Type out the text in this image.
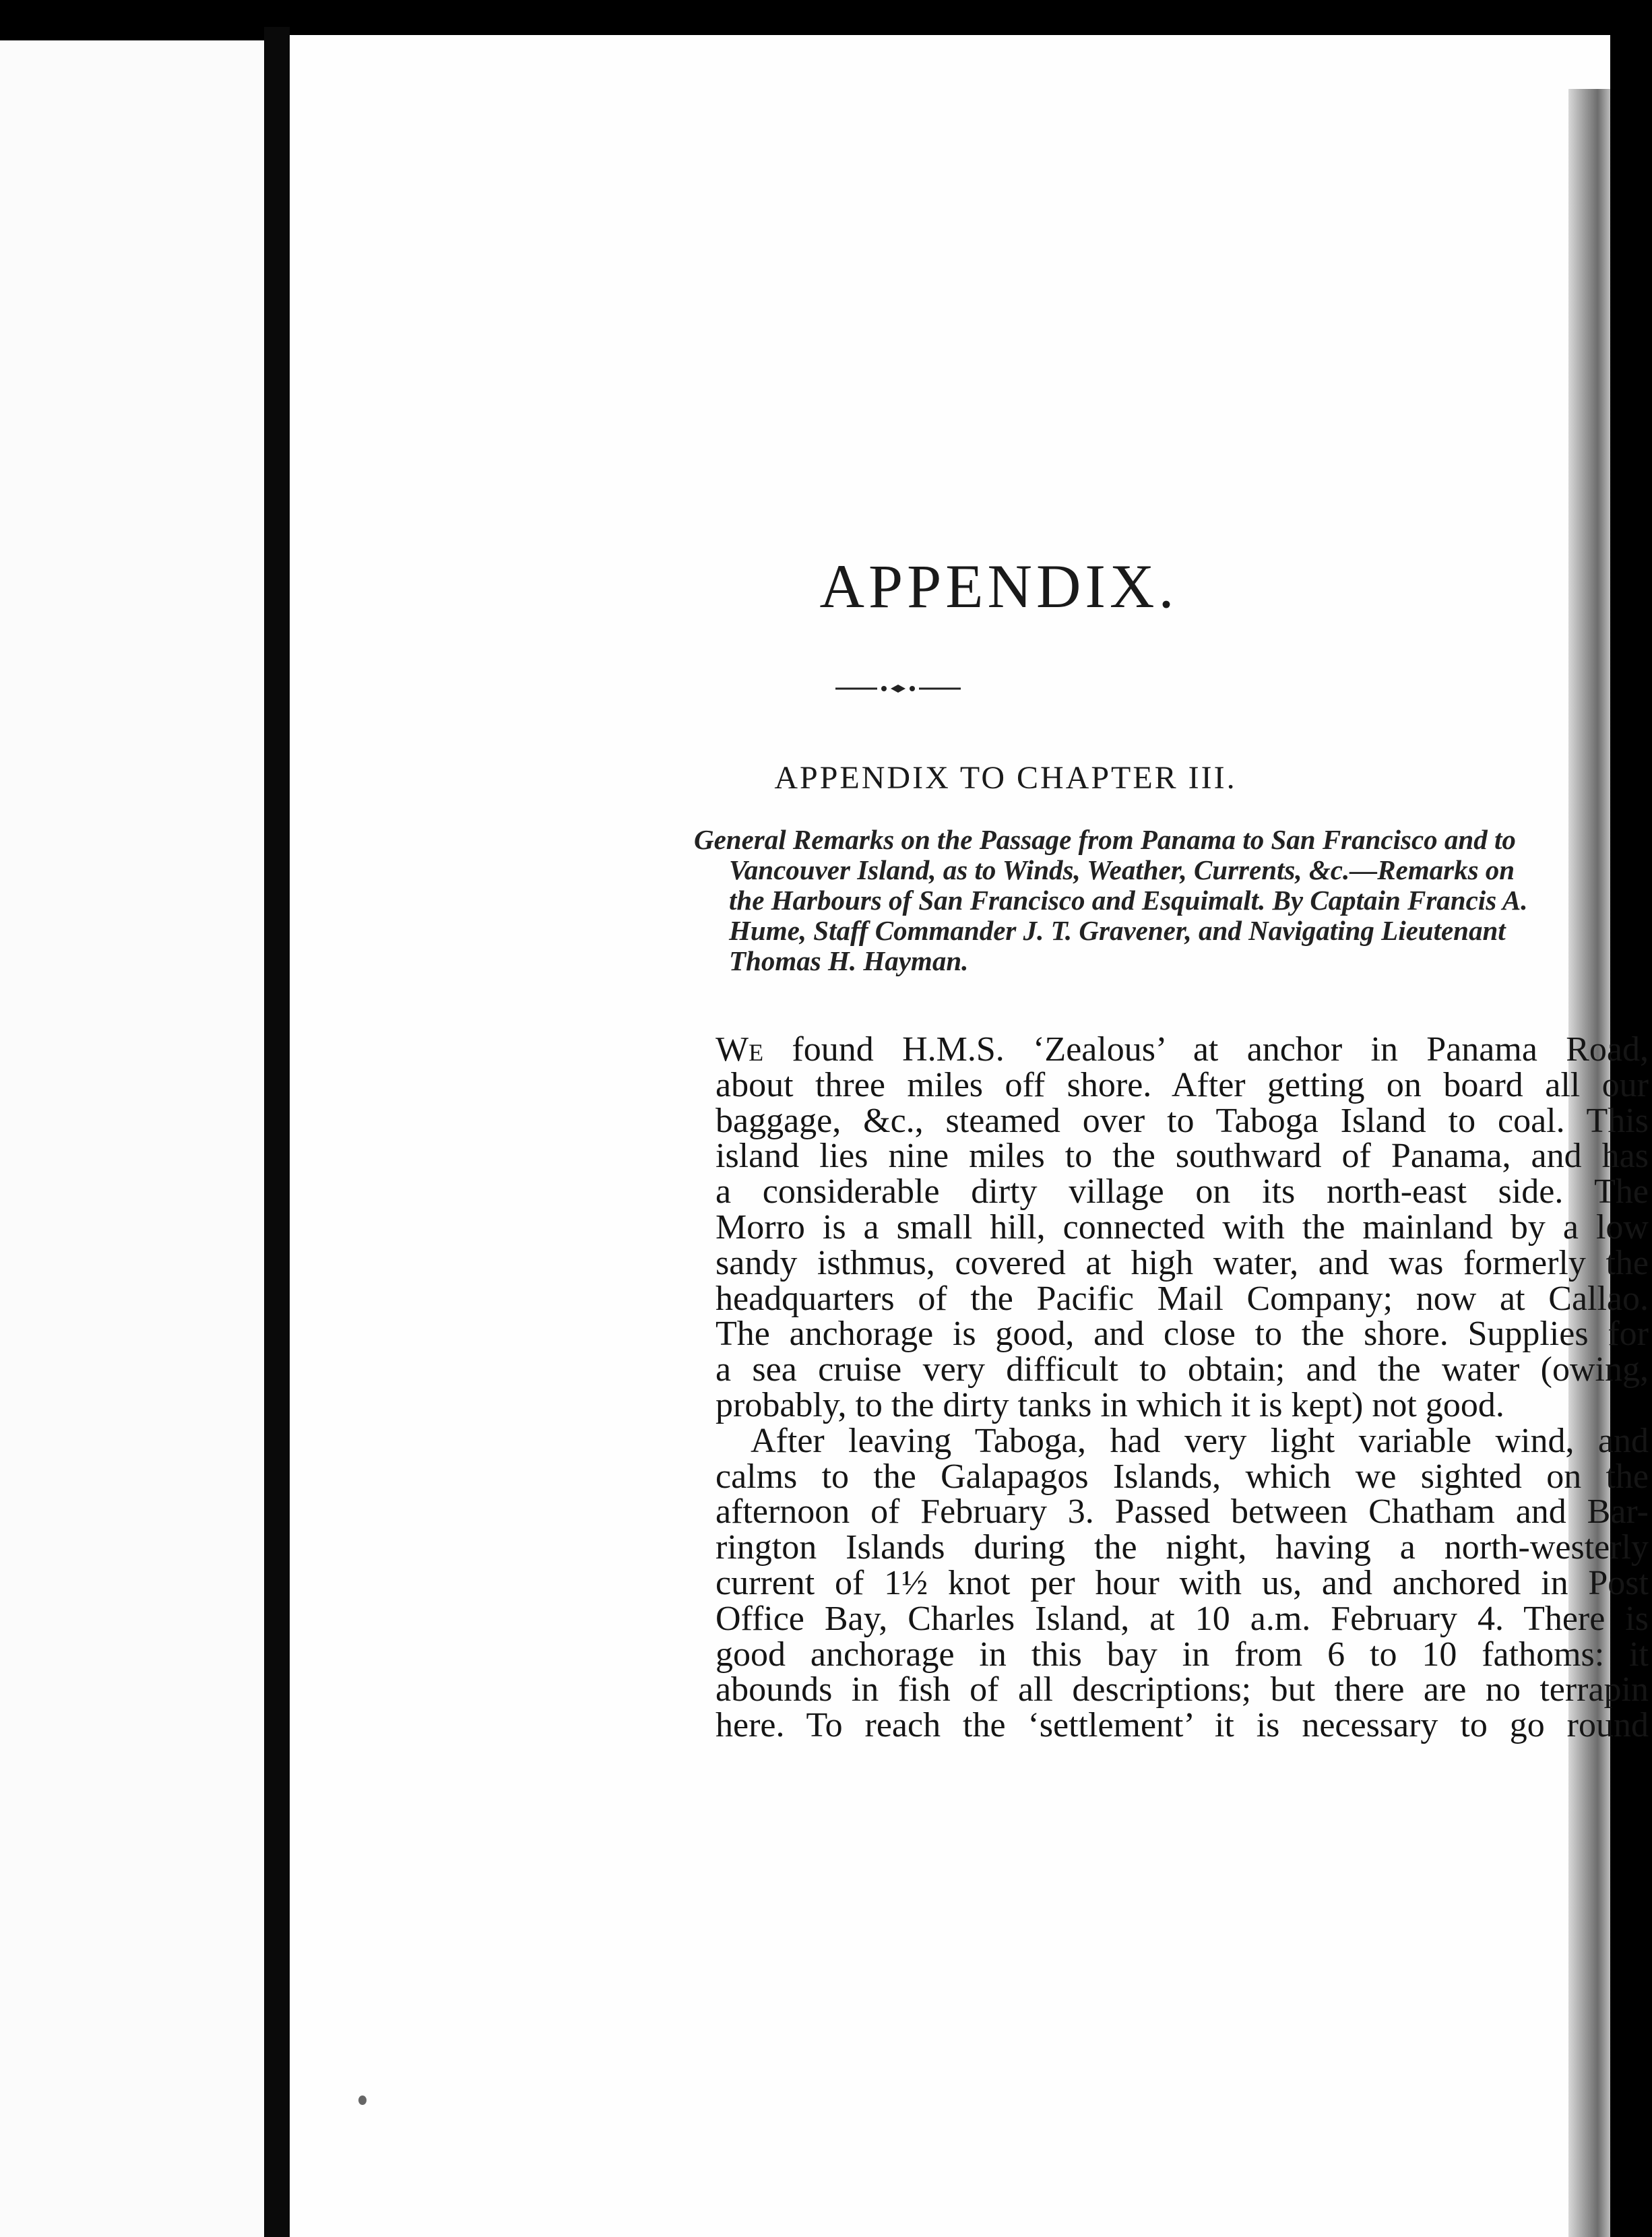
APPENDIX.
APPENDIX TO CHAPTER III.

General Remarks on the Passage from Panama to San Francisco and to
Vancouver Island, as to Winds, Weather, Currents, &c.—Remarks on
the Harbours of San Francisco and Esquimalt. By Captain Francis A.
Hume, Staff Commander J. T. Gravener, and Navigating Lieutenant
Thomas H. Hayman.

We found H.M.S. ‘Zealous’ at anchor in Panama Road,
about three miles off shore. After getting on board all our
baggage, &c., steamed over to Taboga Island to coal. This
island lies nine miles to the southward of Panama, and has
a considerable dirty village on its north-east side. The
Morro is a small hill, connected with the mainland by a low
sandy isthmus, covered at high water, and was formerly the
headquarters of the Pacific Mail Company; now at Callao.
The anchorage is good, and close to the shore. Supplies for
a sea cruise very difficult to obtain; and the water (owing,
probably, to the dirty tanks in which it is kept) not good.
After leaving Taboga, had very light variable wind, and
calms to the Galapagos Islands, which we sighted on the
afternoon of February 3. Passed between Chatham and Bar-
rington Islands during the night, having a north-westerly
current of 1½ knot per hour with us, and anchored in Post
Office Bay, Charles Island, at 10 a.m. February 4. There is
good anchorage in this bay in from 6 to 10 fathoms: it
abounds in fish of all descriptions; but there are no terrapin
here. To reach the ‘settlement’ it is necessary to go round
